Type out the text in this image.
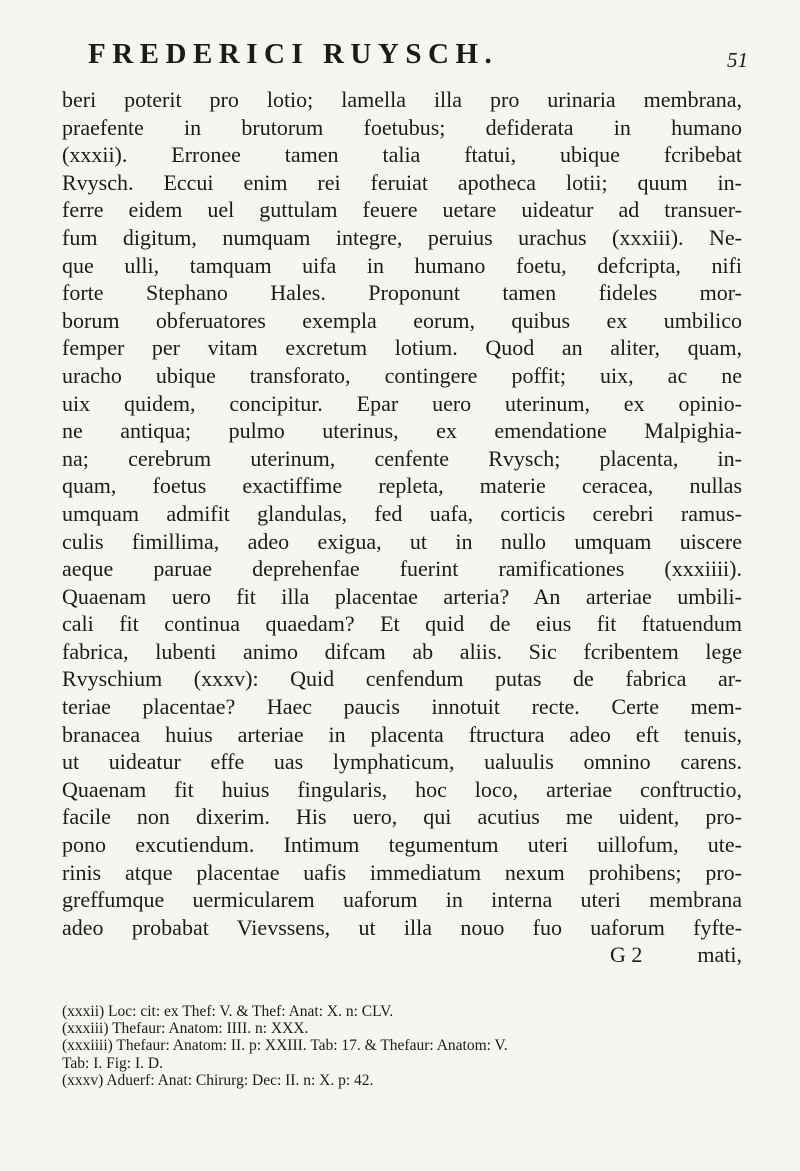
FREDERICI RUYSCH.	51
beri poterit pro lotio; lamella illa pro urinaria membrana,
praefente in brutorum foetubus; defiderata in humano
(xxxii). Erronee tamen talia ftatui, ubique fcribebat
Rvysch. Eccui enim rei feruiat apotheca lotii; quum in-
ferre eidem uel guttulam feuere uetare uideatur ad transuer-
fum digitum, numquam integre, peruius urachus (xxxiii). Ne-
que ulli, tamquam uifa in humano foetu, defcripta, nifi
forte Stephano Hales. Proponunt tamen fideles mor-
borum obferuatores exempla eorum, quibus ex umbilico
femper per vitam excretum lotium. Quod an aliter, quam,
uracho ubique transforato, contingere poffit; uix, ac ne
uix quidem, concipitur. Epar uero uterinum, ex opinio-
ne antiqua; pulmo uterinus, ex emendatione Malpighia-
na; cerebrum uterinum, cenfente Rvysch; placenta, in-
quam, foetus exactiffime repleta, materie ceracea, nullas
umquam admifit glandulas, fed uafa, corticis cerebri ramus-
culis fimillima, adeo exigua, ut in nullo umquam uiscere
aeque paruae deprehenfae fuerint ramificationes (xxxiiii).
Quaenam uero fit illa placentae arteria? An arteriae umbili-
cali fit continua quaedam? Et quid de eius fit ftatuendum
fabrica, lubenti animo difcam ab aliis. Sic fcribentem lege
Rvyschium (xxxv): Quid cenfendum putas de fabrica ar-
teriae placentae? Haec paucis innotuit recte. Certe mem-
branacea huius arteriae in placenta ftructura adeo eft tenuis,
ut uideatur effe uas lymphaticum, ualuulis omnino carens.
Quaenam fit huius fingularis, hoc loco, arteriae conftructio,
facile non dixerim. His uero, qui acutius me uident, pro-
pono excutiendum. Intimum tegumentum uteri uillofum, ute-
rinis atque placentae uafis immediatum nexum prohibens; pro-
greffumque uermicularem uaforum in interna uteri membrana
adeo probabat Vievssens, ut illa nouo fuo uaforum fyfte-
G 2          mati,
(xxxii) Loc: cit: ex Thef: V. & Thef: Anat: X. n: CLV.
(xxxiii) Thefaur: Anatom: IIII. n: XXX.
(xxxiiii) Thefaur: Anatom: II. p: XXIII. Tab: 17. & Thefaur: Anatom: V.
Tab: I. Fig: I. D.
(xxxv) Aduerf: Anat: Chirurg: Dec: II. n: X. p: 42.
